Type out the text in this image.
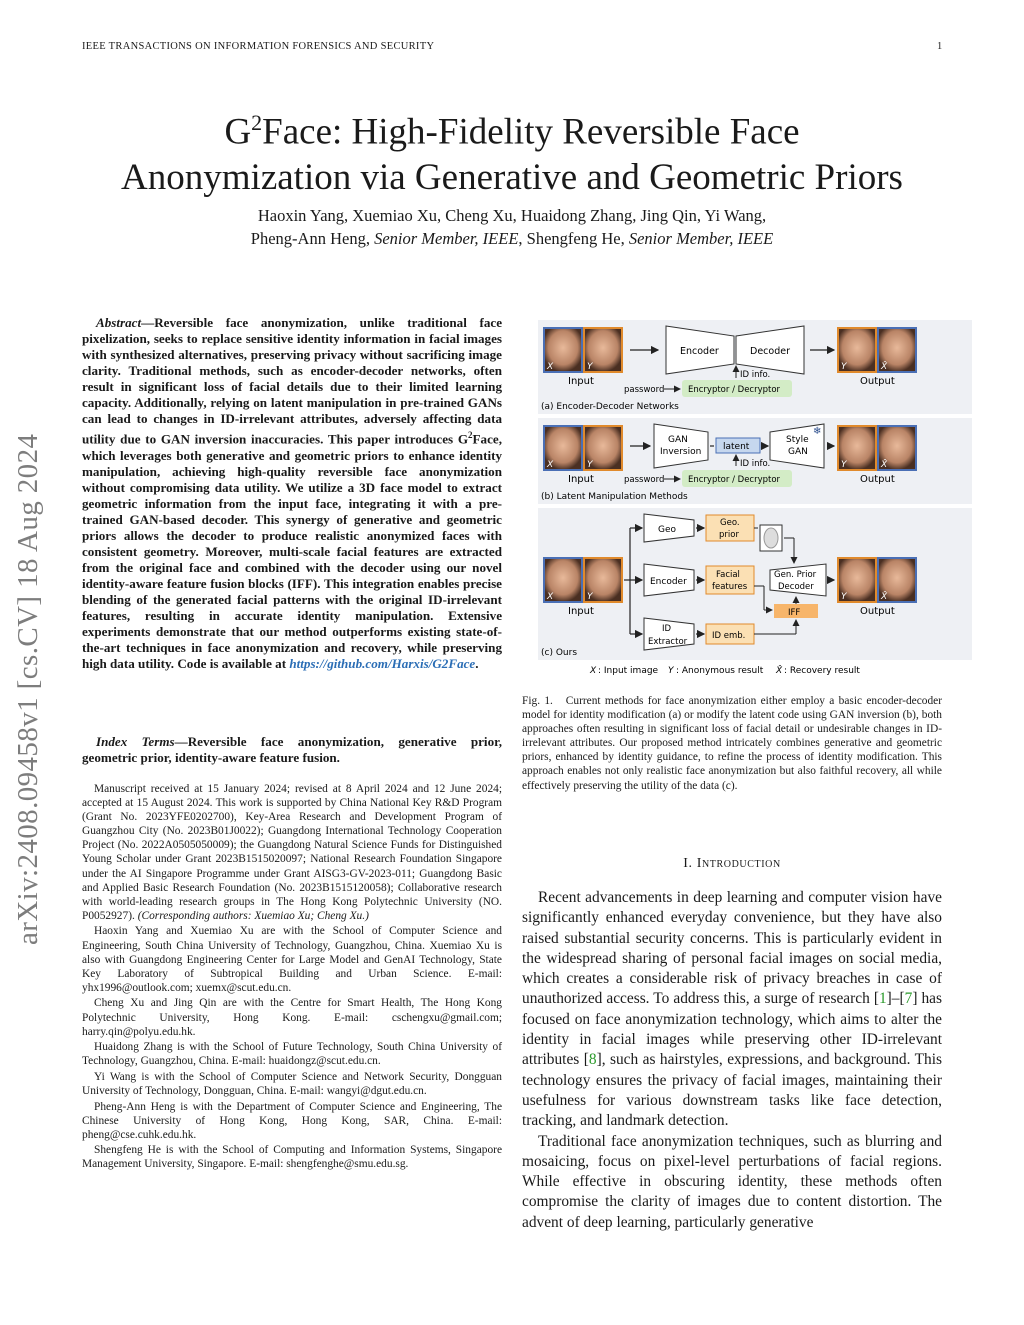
IEEE TRANSACTIONS ON INFORMATION FORENSICS AND SECURITY	1
arXiv:2408.09458v1 [cs.CV] 18 Aug 2024
$G^2Face$: High-Fidelity Reversible Face
Anonymization via Generative and Geometric Priors
Haoxin Yang, Xuemiao Xu, Cheng Xu, Huaidong Zhang, Jing Qin, Yi Wang,
Pheng-Ann Heng, Senior Member, IEEE, Shengfeng He, Senior Member, IEEE

Abstract—Reversible face anonymization, unlike traditional face pixelization, seeks to replace sensitive identity information in facial images with synthesized alternatives, preserving privacy without sacrificing image clarity. Traditional methods, such as encoder-decoder networks, often result in significant loss of facial details due to their limited learning capacity. Additionally, relying on latent manipulation in pre-trained GANs can lead to changes in ID-irrelevant attributes, adversely affecting data utility due to GAN inversion inaccuracies. This paper introduces $G^2Face$, which leverages both generative and geometric priors to enhance identity manipulation, achieving high-quality reversible face anonymization without compromising data utility. We utilize a 3D face model to extract geometric information from the input face, integrating it with a pre-trained GAN-based decoder. This synergy of generative and geometric priors allows the decoder to produce realistic anonymized faces with consistent geometry. Moreover, multi-scale facial features are extracted from the original face and combined with the decoder using our novel identity-aware feature fusion blocks (IFF). This integration enables precise blending of the generated facial patterns with the original ID-irrelevant features, resulting in accurate identity manipulation. Extensive experiments demonstrate that our method outperforms existing state-of-the-art techniques in face anonymization and recovery, while preserving high data utility. Code is available at https://github.com/Harxis/G2Face.

Index Terms—Reversible face anonymization, generative prior, geometric prior, identity-aware feature fusion.

Manuscript received at 15 January 2024; revised at 8 April 2024 and 12 June 2024; accepted at 15 August 2024. This work is supported by China National Key R&D Program (Grant No. 2023YFE0202700), Key-Area Research and Development Program of Guangzhou City (No. 2023B01J0022); Guangdong International Technology Cooperation Project (No. 2022A0505050009); the Guangdong Natural Science Funds for Distinguished Young Scholar under Grant 2023B1515020097; National Research Foundation Singapore under the AI Singapore Programme under Grant AISG3-GV-2023-011; Guangdong Basic and Applied Basic Research Foundation (No. 2023B1515120058); Collaborative research with world-leading research groups in The Hong Kong Polytechnic University (NO. P0052927). (Corresponding authors: Xuemiao Xu; Cheng Xu.)

Haoxin Yang and Xuemiao Xu are with the School of Computer Science and Engineering, South China University of Technology, Guangzhou, China. Xuemiao Xu is also with Guangdong Engineering Center for Large Model and GenAI Technology, State Key Laboratory of Subtropical Building and Urban Science. E-mail: yhx1996@outlook.com; xuemx@scut.edu.cn.

Cheng Xu and Jing Qin are with the Centre for Smart Health, The Hong Kong Polytechnic University, Hong Kong. E-mail: cschengxu@gmail.com; harry.qin@polyu.edu.hk.

Huaidong Zhang is with the School of Future Technology, South China University of Technology, Guangzhou, China. E-mail: huaidongz@scut.edu.cn.

Yi Wang is with the School of Computer Science and Network Security, Dongguan University of Technology, Dongguan, China. E-mail: wangyi@dgut.edu.cn.

Pheng-Ann Heng is with the Department of Computer Science and Engineering, The Chinese University of Hong Kong, Hong Kong, SAR, China. E-mail: pheng@cse.cuhk.edu.hk.

Shengfeng He is with the School of Computing and Information Systems, Singapore Management University, Singapore. E-mail: shengfenghe@smu.edu.sg.

X	Y
Input
Encoder	Decoder
Y	X̂
Output
ID info.
password	Encryptor / Decryptor
(a) Encoder-Decoder Networks
X	Y
Input
GAN
Inversion latent
Style
GAN
❄
Y	X̂
Output
ID info.
password	Encryptor / Decryptor
(b) Latent Manipulation Methods
X	Y
Input
Geo
Geo.
prior
Encoder
Facial
features
Gen. Prior
Decoder
IFF
ID
Extractor
ID emb.
Y	X̂
Output
(c) Ours
X : Input image Y : Anonymous result X̂ : Recovery result
Fig. 1. Current methods for face anonymization either employ a basic encoder-decoder model for identity modification (a) or modify the latent code using GAN inversion (b), both approaches often resulting in significant loss of facial detail or undesirable changes in ID-irrelevant attributes. Our proposed method intricately combines generative and geometric priors, enhanced by identity guidance, to refine the process of identity modification. This approach enables not only realistic face anonymization but also faithful recovery, all while effectively preserving the utility of the data (c).
I. Introduction

Recent advancements in deep learning and computer vision have significantly enhanced everyday convenience, but they have also raised substantial security concerns. This is particularly evident in the widespread sharing of personal facial images on social media, which creates a considerable risk of privacy breaches in case of unauthorized access. To address this, a surge of research [1]–[7] has focused on face anonymization technology, which aims to alter the identity in facial images while preserving other ID-irrelevant attributes [8], such as hairstyles, expressions, and background. This technology ensures the privacy of facial images, maintaining their usefulness for various downstream tasks like face detection, tracking, and landmark detection.

Traditional face anonymization techniques, such as blurring and mosaicing, focus on pixel-level perturbations of facial regions. While effective in obscuring identity, these methods often compromise the clarity of images due to content distortion. The advent of deep learning, particularly generative
